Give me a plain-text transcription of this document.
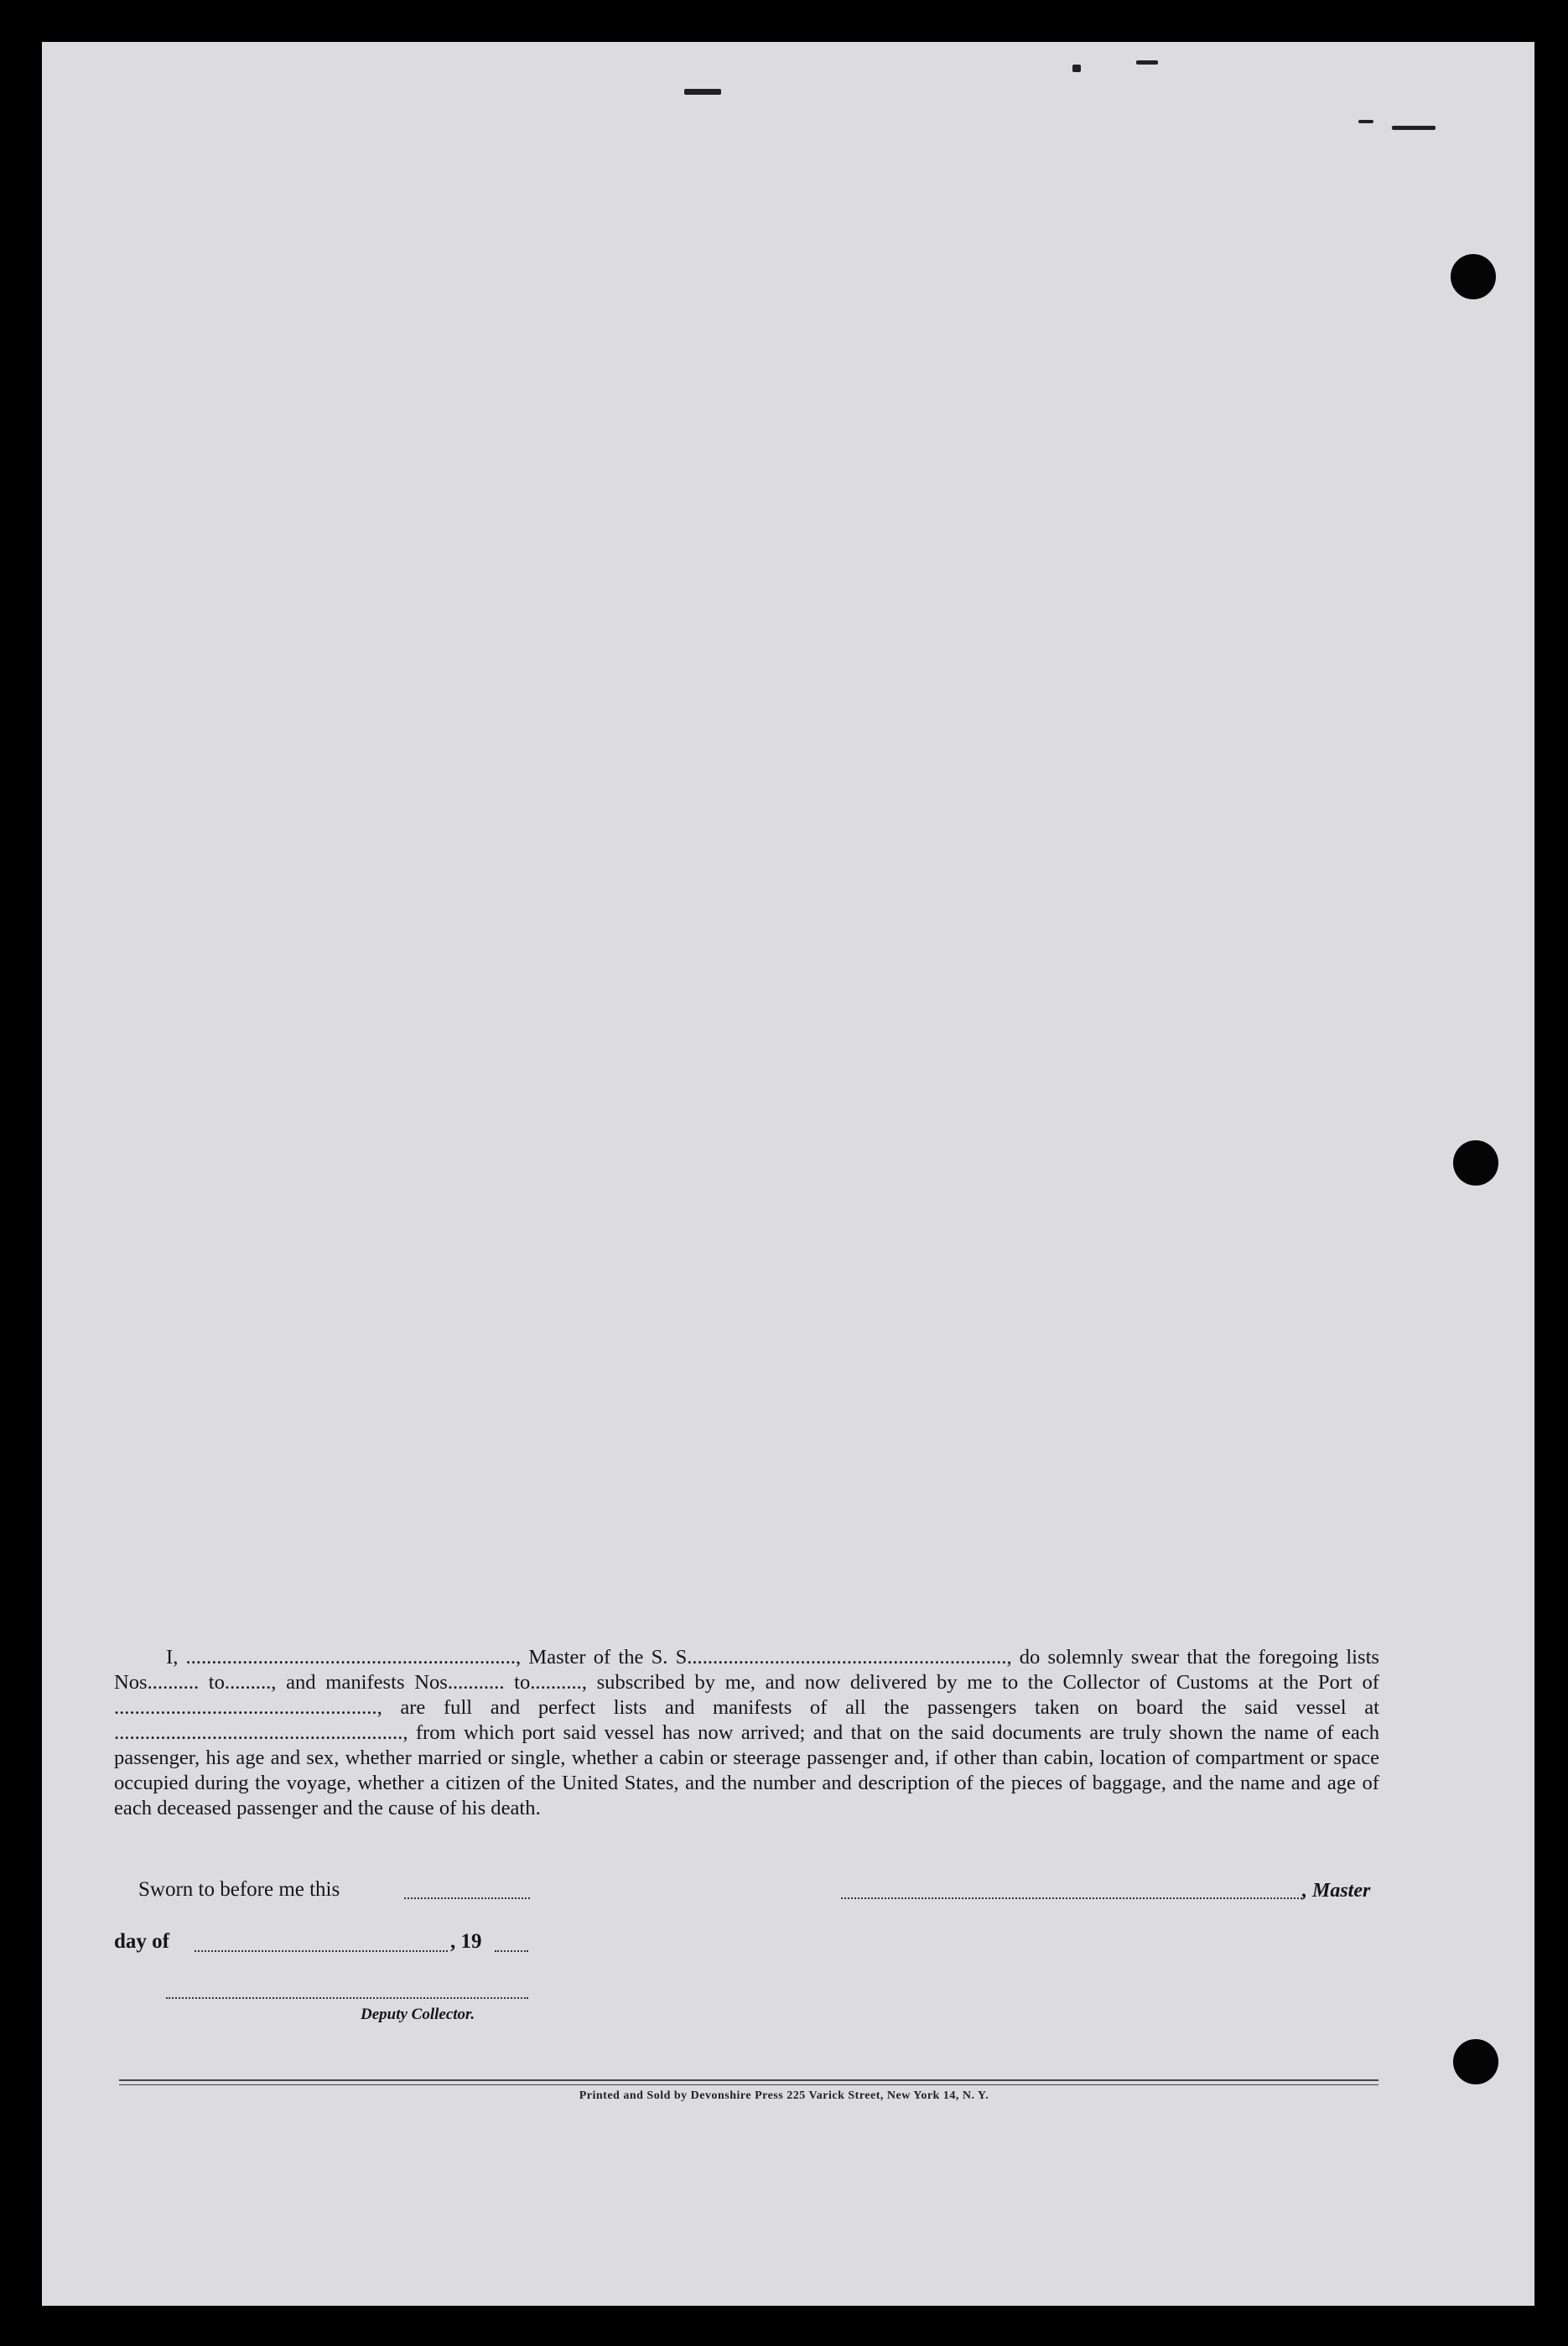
I, ................................................................, Master of the S. S.............................................................., do solemnly swear that the foregoing lists Nos.......... to........., and manifests Nos........... to.........., subscribed by me, and now delivered by me to the Collector of Customs at the Port of ..................................................., are full and perfect lists and manifests of all the passengers taken on board the said vessel at ........................................................, from which port said vessel has now arrived; and that on the said documents are truly shown the name of each passenger, his age and sex, whether married or single, whether a cabin or steerage passenger and, if other than cabin, location of compartment or space occupied during the voyage, whether a citizen of the United States, and the number and description of the pieces of baggage, and the name and age of each deceased passenger and the cause of his death.

Sworn to before me this	, Master
day of	, 19
Deputy Collector.
Printed and Sold by Devonshire Press 225 Varick Street, New York 14, N. Y.
